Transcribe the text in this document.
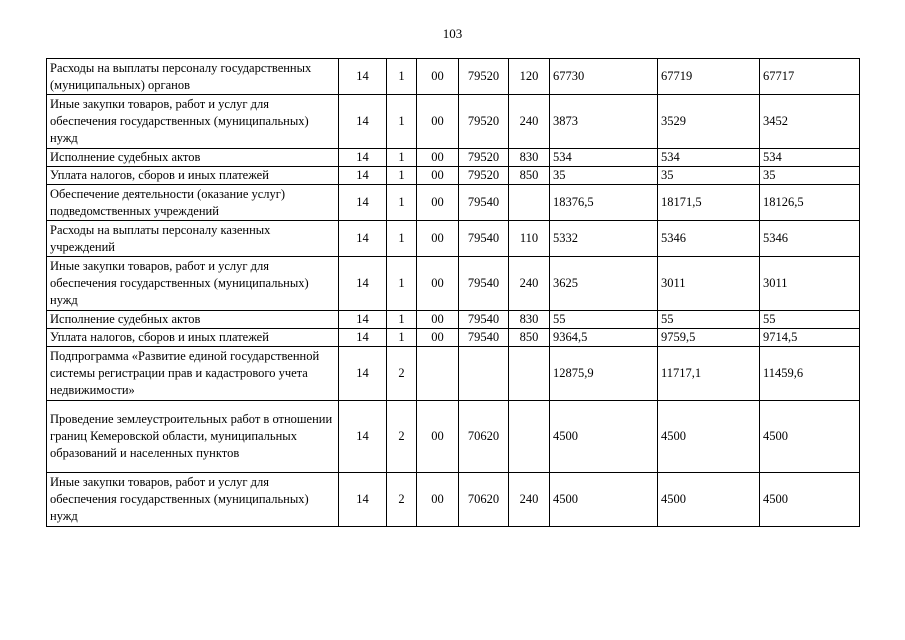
103
Расходы на выплаты персоналу государственных (муниципальных) органов	14	1	00	79520	120	67730	67719	67717
Иные закупки товаров, работ и услуг для обеспечения государственных (муниципальных) нужд	14	1	00	79520	240	3873	3529	3452
Исполнение судебных актов	14	1	00	79520	830	534	534	534
Уплата налогов, сборов и иных платежей	14	1	00	79520	850	35	35	35
Обеспечение деятельности (оказание услуг) подведомственных учреждений	14	1	00	79540		18376,5	18171,5	18126,5
Расходы на выплаты персоналу казенных учреждений	14	1	00	79540	110	5332	5346	5346
Иные закупки товаров, работ и услуг для обеспечения государственных (муниципальных) нужд	14	1	00	79540	240	3625	3011	3011
Исполнение судебных актов	14	1	00	79540	830	55	55	55
Уплата налогов, сборов и иных платежей	14	1	00	79540	850	9364,5	9759,5	9714,5
Подпрограмма «Развитие единой государственной системы регистрации прав и кадастрового учета недвижимости»	14	2				12875,9	11717,1	11459,6
Проведение землеустроительных работ в отношении границ Кемеровской области, муниципальных образований и населенных пунктов	14	2	00	70620		4500	4500	4500
Иные закупки товаров, работ и услуг для обеспечения государственных (муниципальных) нужд	14	2	00	70620	240	4500	4500	4500
